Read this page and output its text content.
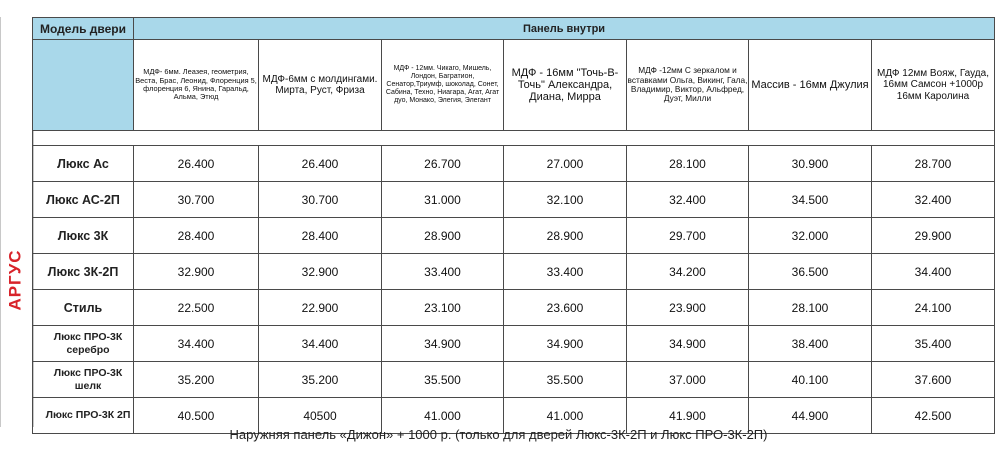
АРГУС
Модель двери	Панель внутри						
	МДФ- 6мм. Леазея, геометрия, Веста, Брас, Леонид, Флоренция 5, флоренция 6, Янина, Гаральд, Альма, Этюд	МДФ-6мм с молдингами. Мирта, Руст, Фриза	МДФ - 12мм. Чикаго, Мишель, Лондон, Багратион, Сенатор,Триумф, шоколад, Сонет, Сабина, Техно, Ниагара, Агат, Агат дуо, Монако, Элегия, Элегант	МДФ - 16мм "Точь-В-Точь" Александра, Диана, Мирра	МДФ -12мм С зеркалом и вставками Ольга, Викинг, Гала, Владимир, Виктор, Альфред, Дуэт, Милли	Массив - 16мм Джулия	МДФ 12мм Вояж, Гауда, 16мм Самсон +1000р 16мм Каролина

Люкс Ас	26.400	26.400	26.700	27.000	28.100	30.900	28.700
Люкс АС-2П	30.700	30.700	31.000	32.100	32.400	34.500	32.400
Люкс 3К	28.400	28.400	28.900	28.900	29.700	32.000	29.900
Люкс 3К-2П	32.900	32.900	33.400	33.400	34.200	36.500	34.400
Стиль	22.500	22.900	23.100	23.600	23.900	28.100	24.100
Люкс ПРО-3К серебро	34.400	34.400	34.900	34.900	34.900	38.400	35.400
Люкс ПРО-3К шелк	35.200	35.200	35.500	35.500	37.000	40.100	37.600
Люкс ПРО-3К 2П	40.500	40500	41.000	41.000	41.900	44.900	42.500
Наружняя панель «Дижон» + 1000 р. (только для дверей Люкс-3К-2П и Люкс ПРО-3К-2П)
